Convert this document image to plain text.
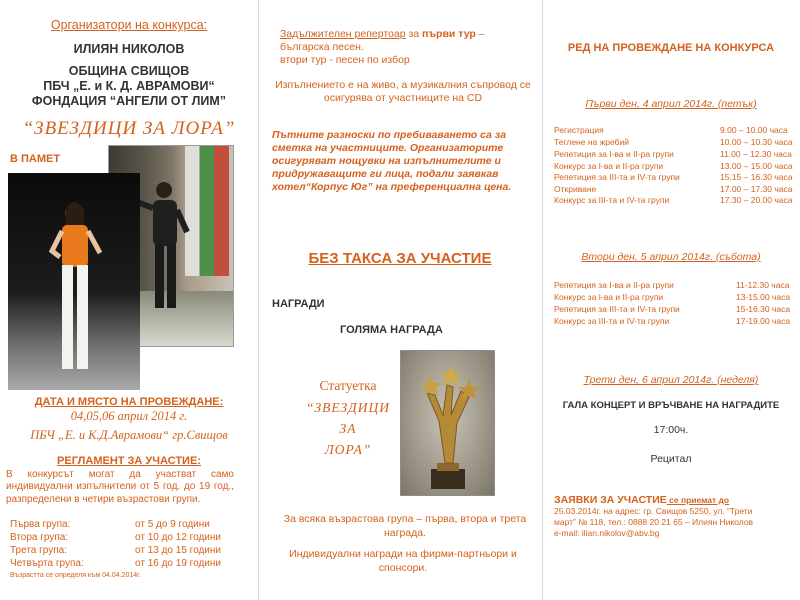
Организатори на конкурса:
ИЛИЯН НИКОЛОВ
ОБЩИНА СВИЩОВ
ПБЧ „Е. и К. Д. АВРАМОВИ“
ФОНДАЦИЯ “АНГЕЛИ ОТ ЛИМ”
“ЗВЕЗДИЦИ ЗА ЛОРА”
В ПАМЕТ
ДАТА И МЯСТО НА ПРОВЕЖДАНЕ:
04,05,06 април 2014 г.
ПБЧ „Е. и К.Д.Аврамови“ гр.Свищов
РЕГЛАМЕНТ ЗА УЧАСТИЕ:
В конкурсът могат да участват само индивидуални изпълнители от 5 год. до 19 год., разпределени в четири възрастови групи.
Първа група:	от 5 до 9 години
Втора група:	от 10 до 12 години
Трета група:	от 13 до 15 години
Четвърта група:	от 16 до 19 години
Възрастта се определя към 04.04.2014г.
Задължителен репертоар за първи тур –
българска песен.
втори тур - песен по избор
Изпълнението е на живо, а музикалния съпровод се осигурява от участниците на CD
Пътните разноски по пребиваването са за сметка на участниците. Организаторите осигуряват нощувки на изпълнителите и придружаващите ги лица, подали заявкав хотел“Корпус Юг” на преференциална цена.
БЕЗ ТАКСА ЗА УЧАСТИЕ
НАГРАДИ
ГОЛЯМА НАГРАДА
Статуетка
“ЗВЕЗДИЦИ
ЗА
ЛОРА”
За всяка възрастова група – първа, втора и трета награда.
Индивидуални награди на фирми-партньори и спонсори.
РЕД НА ПРОВЕЖДАНЕ НА КОНКУРСА
Първи ден, 4 април 2014г. (петък)
Регистрация	9.00 – 10.00 часа
Теглене на жребий	10.00 – 10.30 часа
Репетиция за I-ва и II-ра групи	11.00 – 12.30 часа
Конкурс за I-ва и II-ра групи	13.00 – 15.00 часа
Репетиция за III-та и IV-та групи	15.15 – 16.30 часа
Откриване	17.00 – 17.30 часа
Конкурс за III-та и IV-та групи	17.30 – 20.00 часа
Втори ден, 5 април 2014г. (събота)
Репетиция за I-ва и II-ра групи	11-12.30 часа
Конкурс за I-ва и II-ра групи	13-15.00 часа
Репетиция за III-та и IV-та групи	15-16.30 часа
Конкурс за III-та и IV-та групи	17-19.00 часа
Трети ден, 6 април 2014г. (неделя)
ГАЛА КОНЦЕРТ И ВРЪЧВАНЕ НА НАГРАДИТЕ
17:00ч.
Рецитал
ЗАЯВКИ ЗА УЧАСТИЕ се приемат до
25.03.2014г. на адрес: гр. Свищов 5250, ул. “Трети
март” № 118, тел.: 0888 20 21 65 – Илиян Николов
e-mail: ilian.nikolov@abv.bg
